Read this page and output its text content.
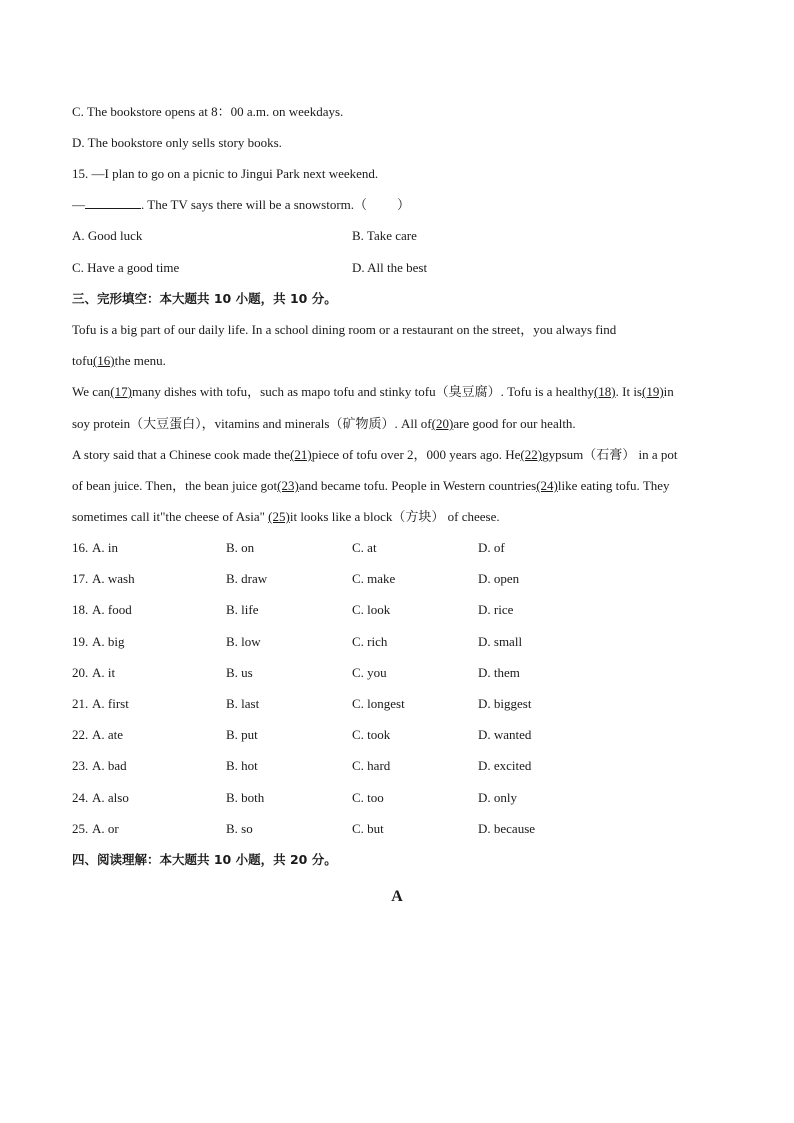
C. The bookstore opens at 8：00 a.m. on weekdays.
D. The bookstore only sells story books.
15. —I plan to go on a picnic to Jingui Park next weekend.
—	. The TV says there will be a snowstorm.（ ）
A. Good luck	B. Take care
C. Have a good time	D. All the best
三、完形填空：本大题共 10 小题，共 10 分。
Tofu is a big part of our daily life. In a school dining room or a restaurant on the street，you always find
tofu(16)the menu.
We can(17)many dishes with tofu，such as mapo tofu and stinky tofu（臭豆腐）. Tofu is a healthy(18). It is(19)in
soy protein（大豆蛋白），vitamins and minerals（矿物质）. All of(20)are good for our health.
A story said that a Chinese cook made the(21)piece of tofu over 2，000 years ago. He(22)gypsum（石膏） in a pot
of bean juice. Then，the bean juice got(23)and became tofu. People in Western countries(24)like eating tofu. They
sometimes call it"the cheese of Asia" (25)it looks like a block（方块） of cheese.
16. A. in	B. on	C. at	D. of
17. A. wash	B. draw	C. make	D. open
18. A. food	B. life	C. look	D. rice
19. A. big	B. low	C. rich	D. small
20. A. it	B. us	C. you	D. them
21. A. first	B. last	C. longest	D. biggest
22. A. ate	B. put	C. took	D. wanted
23. A. bad	B. hot	C. hard	D. excited
24. A. also	B. both	C. too	D. only
25. A. or	B. so	C. but	D. because
四、阅读理解：本大题共 10 小题，共 20 分。
A
